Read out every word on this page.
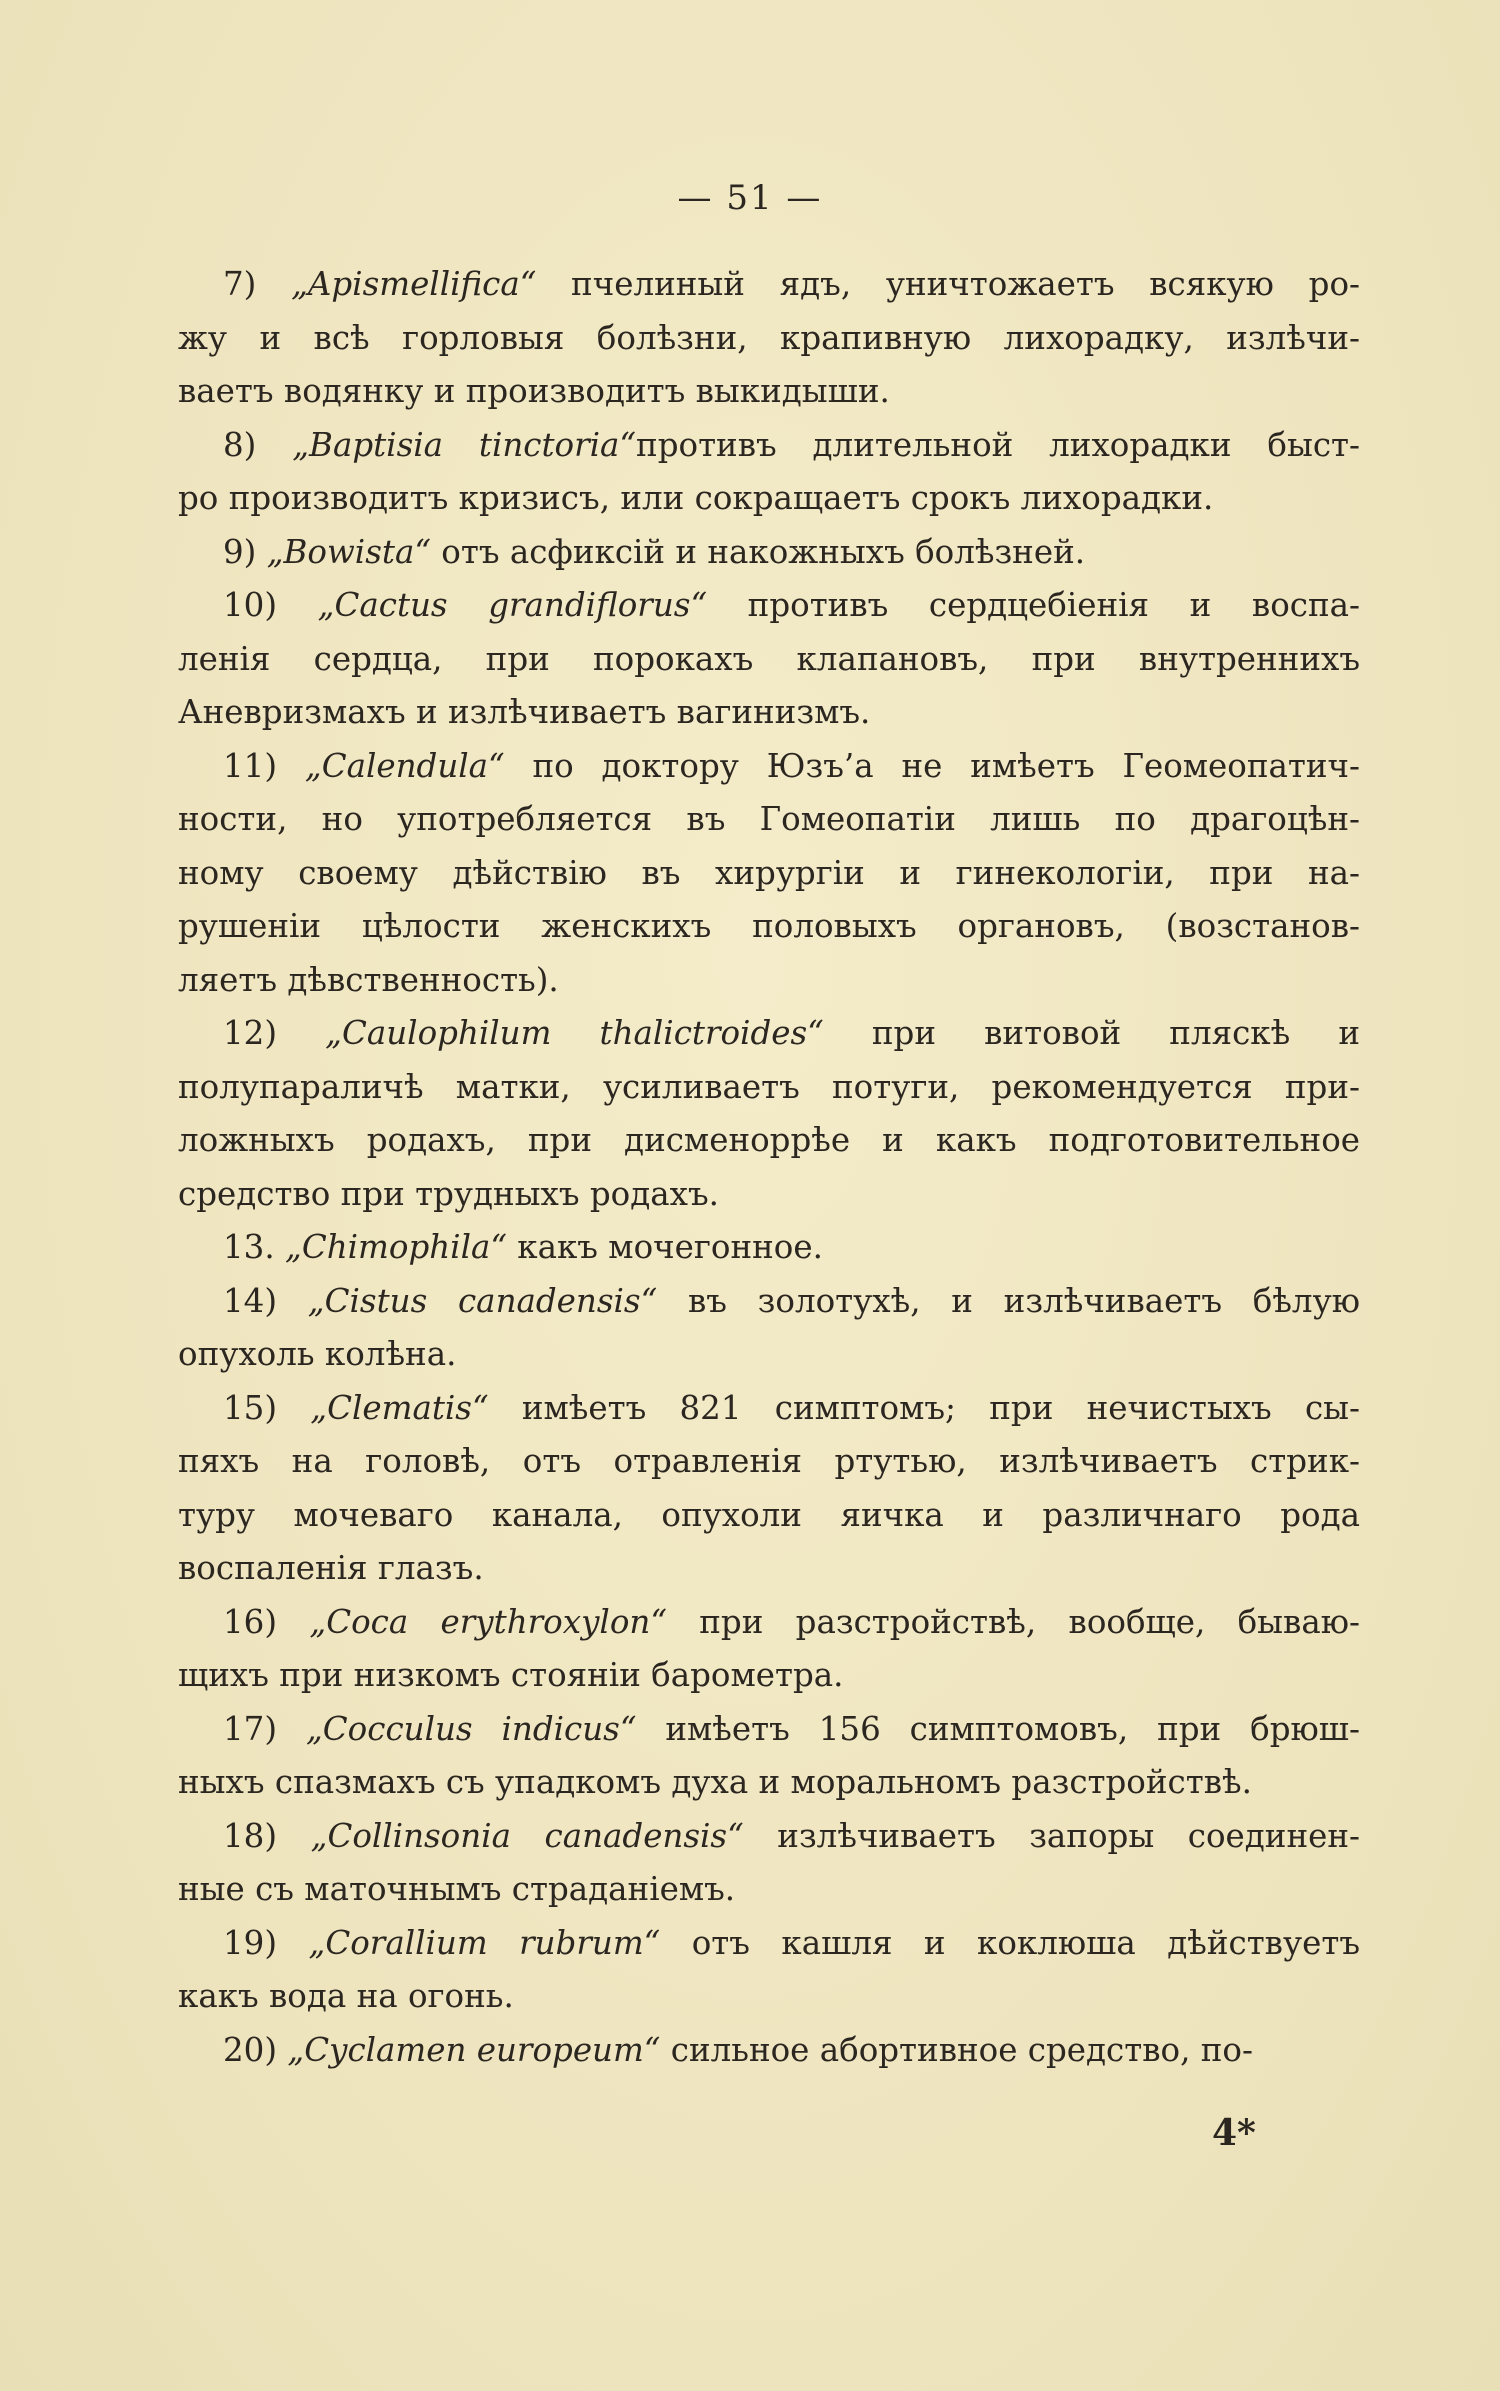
— 51 —

7) „Apismellifica“ пчелиный ядъ, уничтожаетъ всякую ро-
жу и всѣ горловыя болѣзни, крапивную лихорадку, излѣчи-
ваетъ водянку и производитъ выкидыши.

8) „Baptisia tinctoria“противъ длительной лихорадки быст-
ро производитъ кризисъ, или сокращаетъ срокъ лихорадки.

9) „Bowista“ отъ асфиксій и накожныхъ болѣзней.

10) „Cactus grandiflorus“ противъ сердцебіенія и воспа-
ленія сердца, при порокахъ клапановъ, при внутреннихъ
Аневризмахъ и излѣчиваетъ вагинизмъ.

11) „Calendula“ по доктору Юзъ’а не имѣетъ Геомеопатич-
ности, но употребляется въ Гомеопатіи лишь по драгоцѣн-
ному своему дѣйствію въ хирургіи и гинекологіи, при на-
рушеніи цѣлости женскихъ половыхъ органовъ, (возстанов-
ляетъ дѣвственность).

12) „Caulophilum thalictroides“ при витовой пляскѣ и
полупараличѣ матки, усиливаетъ потуги, рекомендуется при-
ложныхъ родахъ, при дисменоррѣе и какъ подготовительное
средство при трудныхъ родахъ.

13. „Chimophila“ какъ мочегонное.

14) „Cistus canadensis“ въ золотухѣ, и излѣчиваетъ бѣлую
опухоль колѣна.

15) „Clematis“ имѣетъ 821 симптомъ; при нечистыхъ сы-
пяхъ на головѣ, отъ отравленія ртутью, излѣчиваетъ стрик-
туру мочеваго канала, опухоли яичка и различнаго рода
воспаленія глазъ.

16) „Coca erythroxylon“ при разстройствѣ, вообще, бываю-
щихъ при низкомъ стояніи барометра.

17) „Cocculus indicus“ имѣетъ 156 симптомовъ, при брюш-
ныхъ спазмахъ съ упадкомъ духа и моральномъ разстройствѣ.

18) „Collinsonia canadensis“ излѣчиваетъ запоры соединен-
ные съ маточнымъ страданіемъ.

19) „Corallium rubrum“ отъ кашля и коклюша дѣйствуетъ
какъ вода на огонь.

20) „Cyclamen europeum“ сильное абортивное средство, по-

4*
